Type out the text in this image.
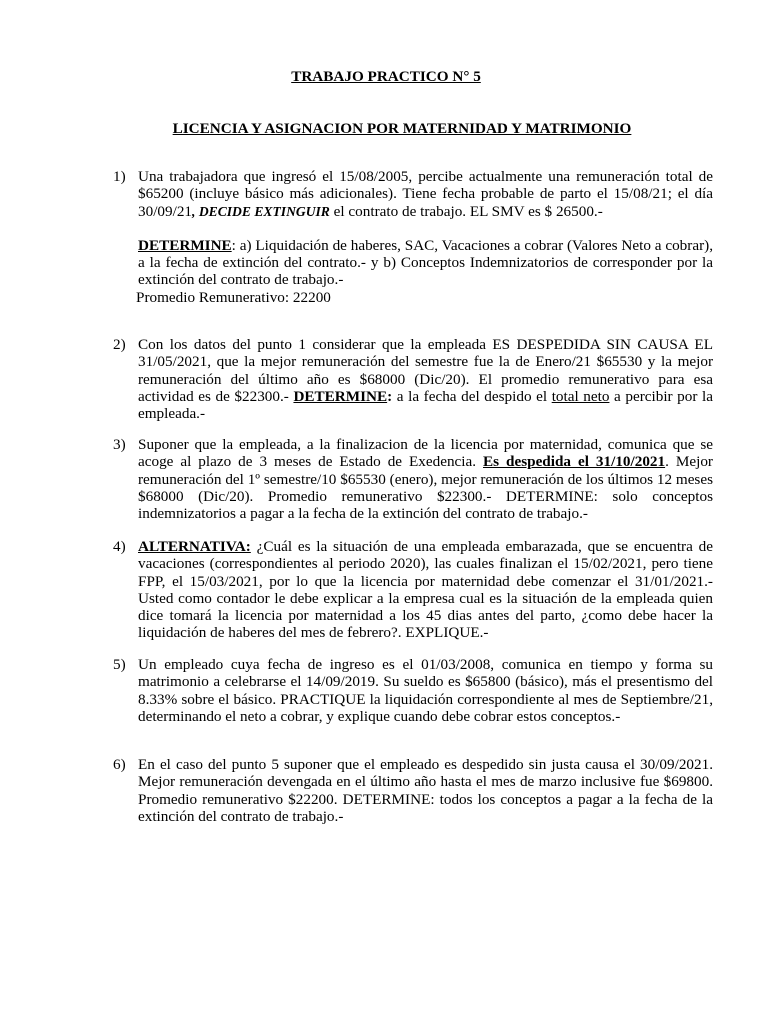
TRABAJO PRACTICO N° 5
LICENCIA Y ASIGNACION POR MATERNIDAD Y MATRIMONIO
1) Una trabajadora que ingresó el 15/08/2005, percibe actualmente una remuneración total de $65200 (incluye básico más adicionales). Tiene fecha probable de parto el 15/08/21; el día 30/09/21, DECIDE EXTINGUIR el contrato de trabajo. EL SMV es $ 26500.-
DETERMINE: a) Liquidación de haberes, SAC, Vacaciones a cobrar (Valores Neto a cobrar), a la fecha de extinción del contrato.- y b) Conceptos Indemnizatorios de corresponder por la extinción del contrato de trabajo.-
Promedio Remunerativo: 22200
2) Con los datos del punto 1 considerar que la empleada ES DESPEDIDA SIN CAUSA EL 31/05/2021, que la mejor remuneración del semestre fue la de Enero/21 $65530 y la mejor remuneración del último año es $68000 (Dic/20). El promedio remunerativo para esa actividad es de $22300.- DETERMINE: a la fecha del despido el total neto a percibir por la empleada.-
3) Suponer que la empleada, a la finalizacion de la licencia por maternidad, comunica que se acoge al plazo de 3 meses de Estado de Exedencia. Es despedida el 31/10/2021. Mejor remuneración del 1º semestre/10 $65530 (enero), mejor remuneración de los últimos 12 meses $68000 (Dic/20). Promedio remunerativo $22300.- DETERMINE: solo conceptos indemnizatorios a pagar a la fecha de la extinción del contrato de trabajo.-
4) ALTERNATIVA: ¿Cuál es la situación de una empleada embarazada, que se encuentra de vacaciones (correspondientes al periodo 2020), las cuales finalizan el 15/02/2021, pero tiene FPP, el 15/03/2021, por lo que la licencia por maternidad debe comenzar el 31/01/2021.- Usted como contador le debe explicar a la empresa cual es la situación de la empleada quien dice tomará la licencia por maternidad a los 45 dias antes del parto, ¿como debe hacer la liquidación de haberes del mes de febrero?. EXPLIQUE.-
5) Un empleado cuya fecha de ingreso es el 01/03/2008, comunica en tiempo y forma su matrimonio a celebrarse el 14/09/2019. Su sueldo es $65800 (básico), más el presentismo del 8.33% sobre el básico. PRACTIQUE la liquidación correspondiente al mes de Septiembre/21, determinando el neto a cobrar, y explique cuando debe cobrar estos conceptos.-
6) En el caso del punto 5 suponer que el empleado es despedido sin justa causa el 30/09/2021. Mejor remuneración devengada en el último año hasta el mes de marzo inclusive fue $69800. Promedio remunerativo $22200. DETERMINE: todos los conceptos a pagar a la fecha de la extinción del contrato de trabajo.-
